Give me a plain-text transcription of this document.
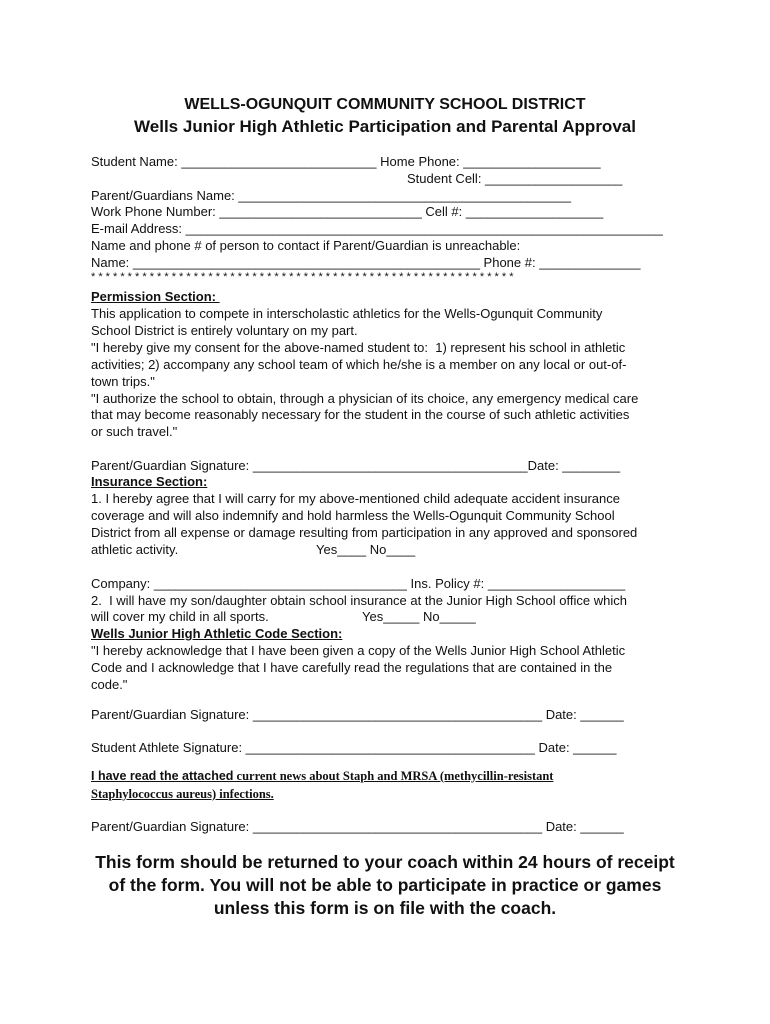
WELLS-OGUNQUIT COMMUNITY SCHOOL DISTRICT
Wells Junior High Athletic Participation and Parental Approval
Student Name: ___________________________ Home Phone: ___________________
Student Cell: ___________________
Parent/Guardians Name: ______________________________________________
Work Phone Number: ____________________________ Cell #: ___________________
E-mail Address: __________________________________________________________________
Name and phone # of person to contact if Parent/Guardian is unreachable:
Name: ________________________________________________ Phone #: ______________
* * * * * * * * * * * * * * * * * * * * * * * * * * * * * * * * * * * * * * * * * * * * * * * * * * * * * * * * * *
Permission Section:
This application to compete in interscholastic athletics for the Wells-Ogunquit Community
School District is entirely voluntary on my part.
"I hereby give my consent for the above-named student to:  1) represent his school in athletic
activities; 2) accompany any school team of which he/she is a member on any local or out-of-
town trips."
"I authorize the school to obtain, through a physician of its choice, any emergency medical care
that may become reasonably necessary for the student in the course of such athletic activities
or such travel."
Parent/Guardian Signature: ______________________________________Date: ________
Insurance Section:
1. I hereby agree that I will carry for my above-mentioned child adequate accident insurance
coverage and will also indemnify and hold harmless the Wells-Ogunquit Community School
District from all expense or damage resulting from participation in any approved and sponsored
athletic activity.	Yes____ No____
Company: ___________________________________ Ins. Policy #: ___________________
2.  I will have my son/daughter obtain school insurance at the Junior High School office which
will cover my child in all sports.	Yes_____ No_____
Wells Junior High Athletic Code Section:
"I hereby acknowledge that I have been given a copy of the Wells Junior High School Athletic
Code and I acknowledge that I have carefully read the regulations that are contained in the
code."
Parent/Guardian Signature: ________________________________________ Date: ______
Student Athlete Signature: ________________________________________ Date: ______
I have read the attached current news about Staph and MRSA (methycillin-resistant
Staphylococcus aureus) infections.
Parent/Guardian Signature: ________________________________________ Date: ______
This form should be returned to your coach within 24 hours of receipt
of the form. You will not be able to participate in practice or games
unless this form is on file with the coach.
